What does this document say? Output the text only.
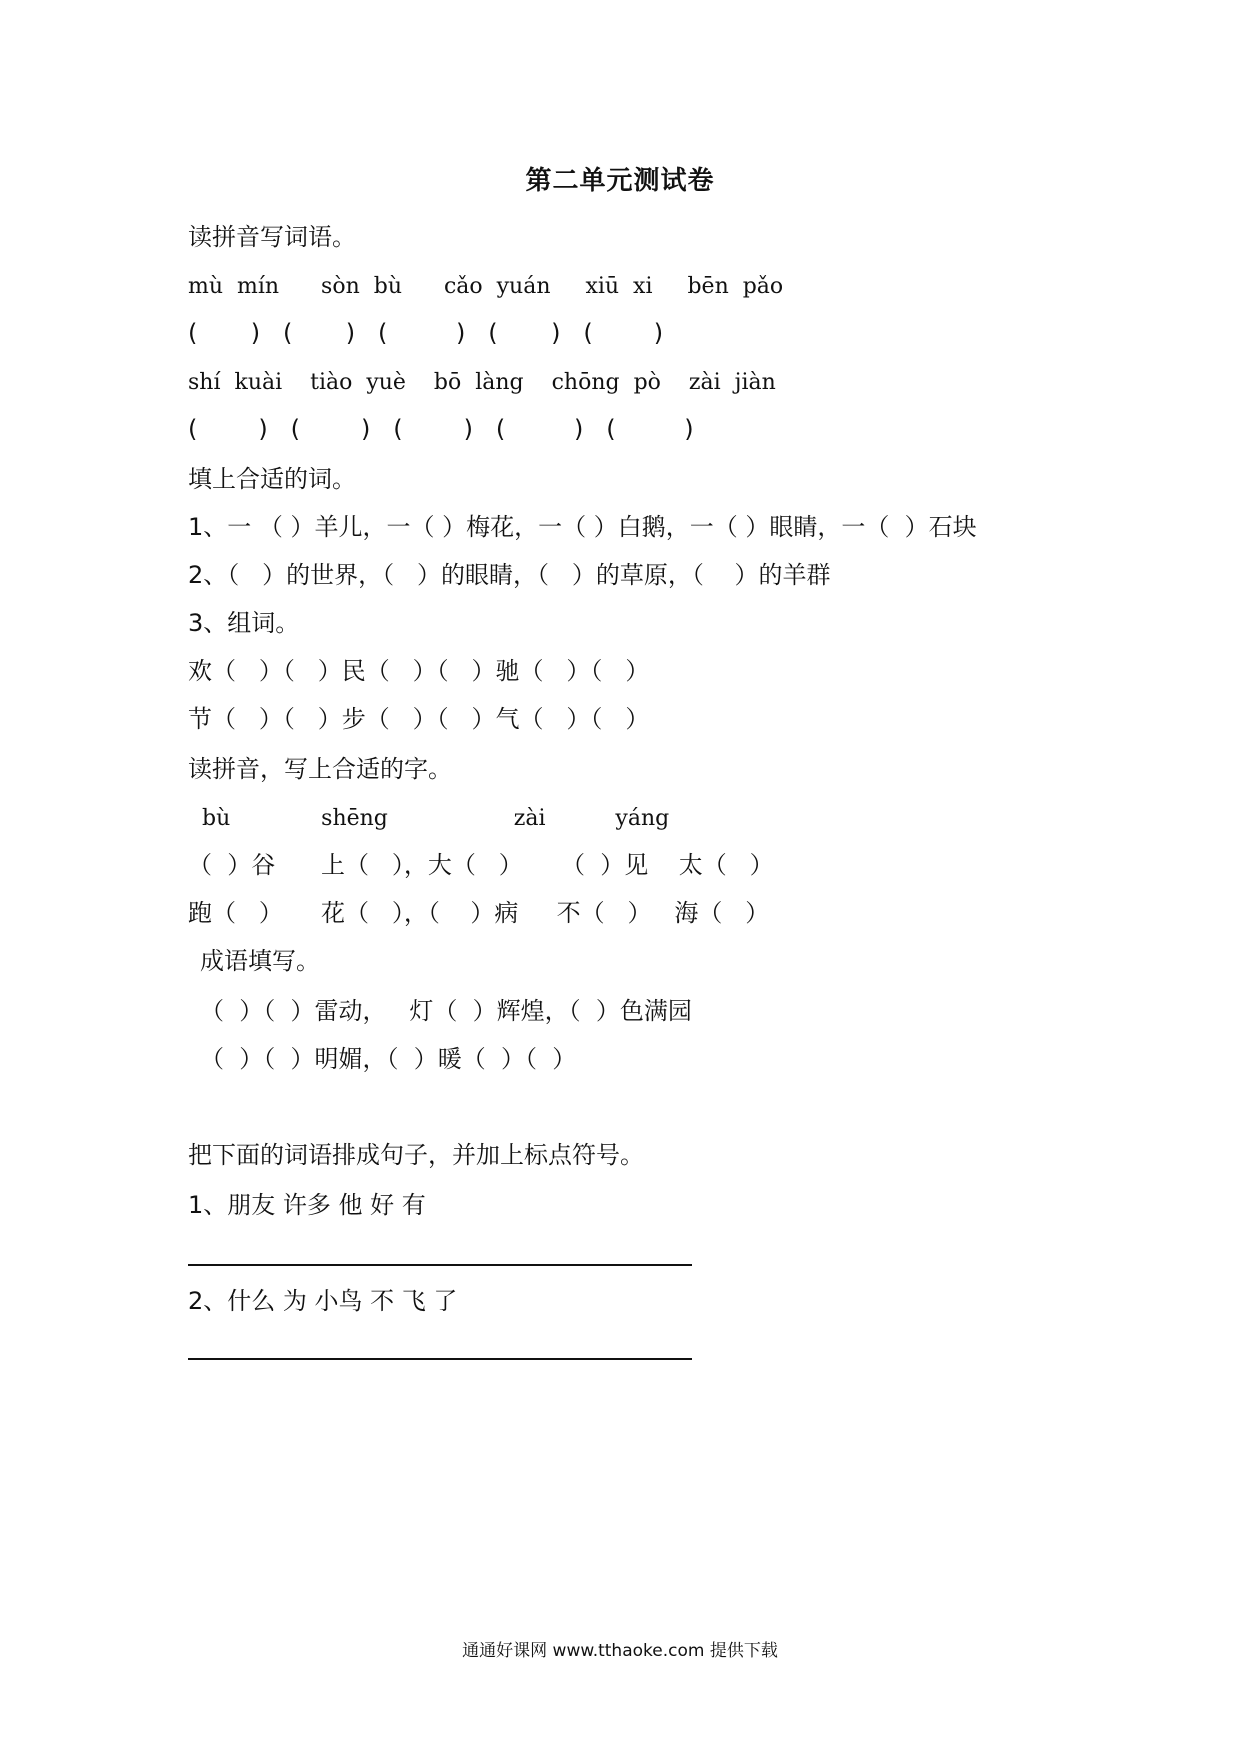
第二单元测试卷
读拼音写词语。
mù  mín      sòn  bù      cǎo  yuán     xiū  xi     bēn  pǎo
(       )   (       )   (         )   (       )   (        )
shí  kuài    tiào  yuè    bō  làng    chōng  pò    zài  jiàn
(        )   (        )   (        )   (         )   (         )
填上合适的词。
1、一 （ ）羊儿，一（ ）梅花，一（ ）白鹅，一（ ）眼睛，一（  ）石块
2、（   ）的世界，（   ）的眼睛，（   ）的草原，（    ）的羊群
3、组词。
欢（   ）（   ）民（   ）（   ）驰（   ）（   ）
节（   ）（   ）步（   ）（   ）气（   ）（   ）
读拼音，写上合适的字。
bù             shēng                  zài          yáng
（  ）谷      上（   ），大（   ）     （  ）见    太（   ）
跑（   ）     花（   ），（    ）病     不（   ）   海（   ）
成语填写。
（  ）（  ）雷动，   灯（  ）辉煌，（  ）色满园
（  ）（  ）明媚，（  ）暖（  ）（  ）
把下面的词语排成句子，并加上标点符号。
1、朋友 许多 他 好 有
2、什么 为 小鸟 不 飞 了
通通好课网 www.tthaoke.com 提供下载
